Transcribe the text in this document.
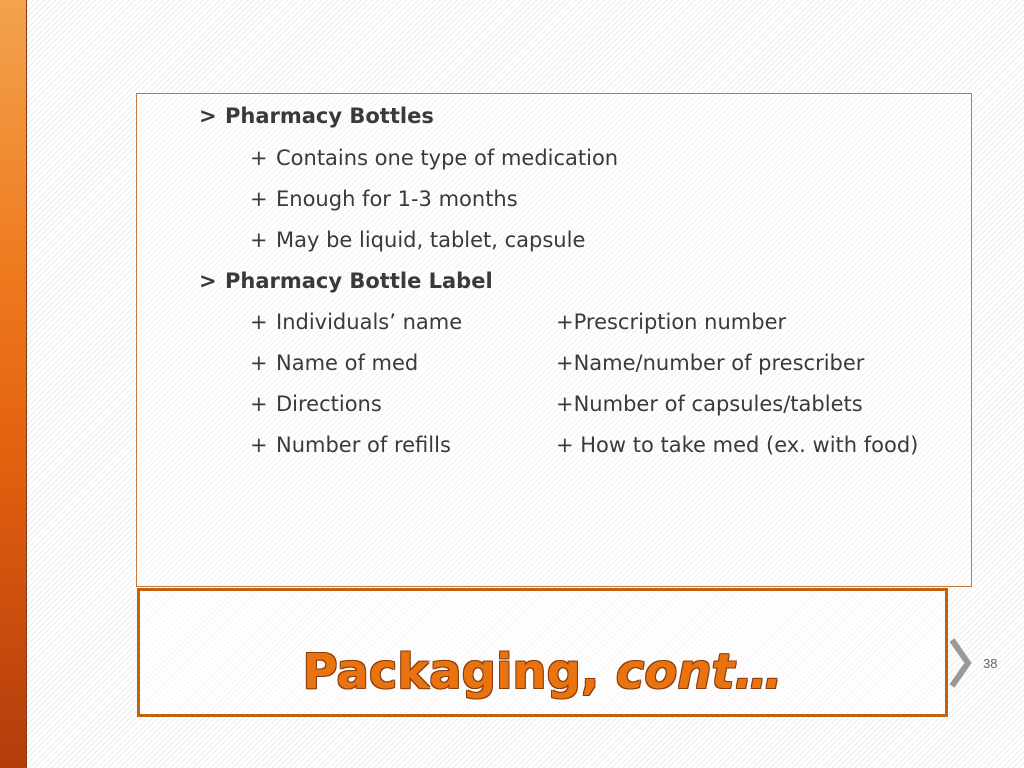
> Pharmacy Bottles
+ Contains one type of medication
+ Enough for 1-3 months
+ May be liquid, tablet, capsule
> Pharmacy Bottle Label
+ Individuals’ name	+Prescription number
+ Name of med	+Name/number of prescriber
+ Directions	+Number of capsules/tablets
+ Number of refills	+ How to take med (ex. with food)
Packaging, cont…	38
